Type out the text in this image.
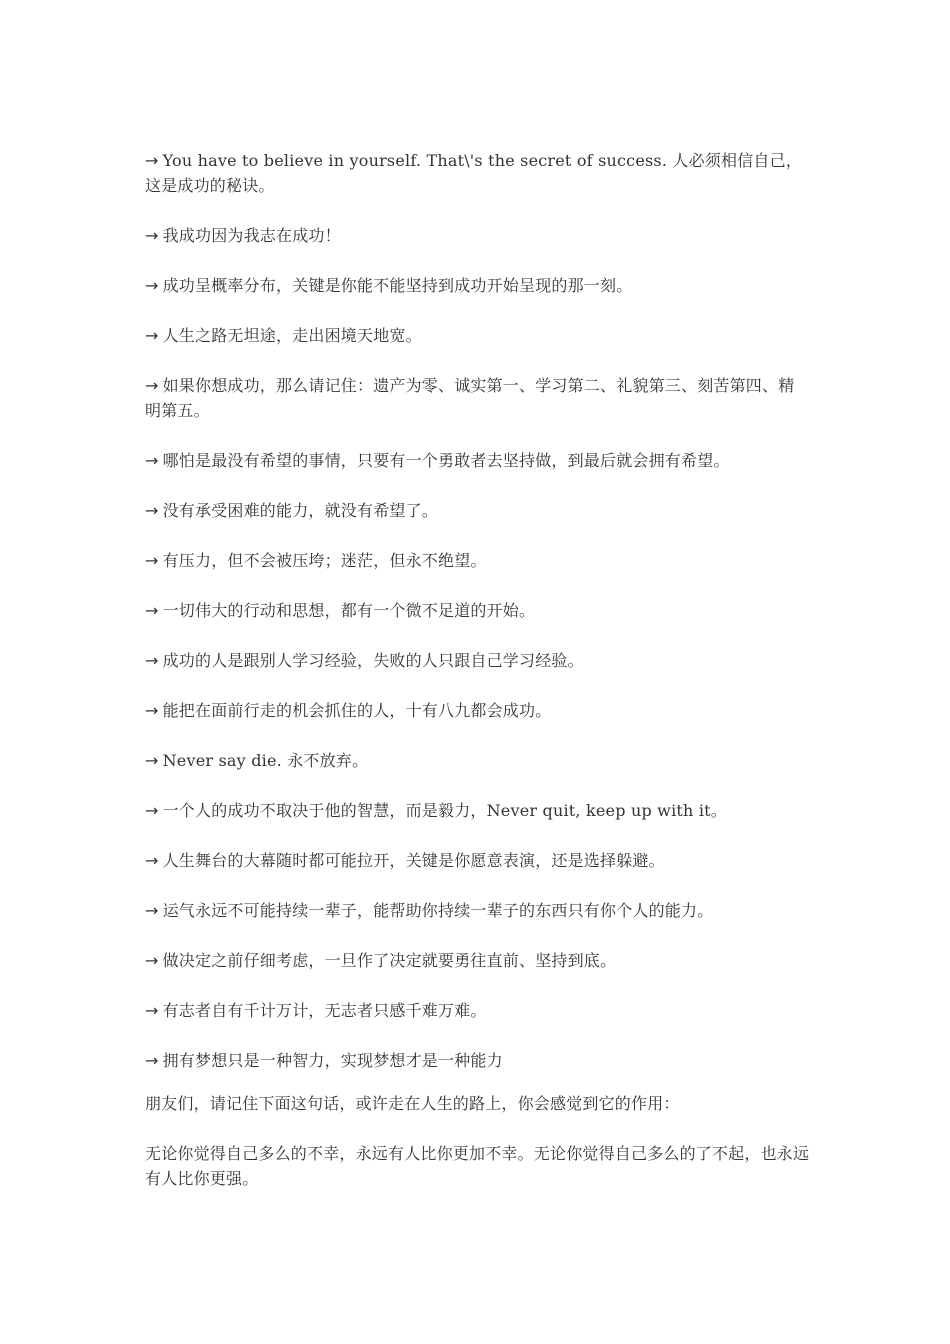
→ You have to believe in yourself. That\'s the secret of success. 人必须相信自己，这是成功的秘诀。

→ 我成功因为我志在成功！

→ 成功呈概率分布，关键是你能不能坚持到成功开始呈现的那一刻。

→ 人生之路无坦途，走出困境天地宽。

→ 如果你想成功，那么请记住：遗产为零、诚实第一、学习第二、礼貌第三、刻苦第四、精明第五。

→ 哪怕是最没有希望的事情，只要有一个勇敢者去坚持做，到最后就会拥有希望。

→ 没有承受困难的能力，就没有希望了。

→ 有压力，但不会被压垮；迷茫，但永不绝望。

→ 一切伟大的行动和思想，都有一个微不足道的开始。

→ 成功的人是跟别人学习经验，失败的人只跟自己学习经验。

→ 能把在面前行走的机会抓住的人，十有八九都会成功。

→ Never say die. 永不放弃。

→ 一个人的成功不取决于他的智慧，而是毅力，Never quit, keep up with it。

→ 人生舞台的大幕随时都可能拉开，关键是你愿意表演，还是选择躲避。

→ 运气永远不可能持续一辈子，能帮助你持续一辈子的东西只有你个人的能力。

→ 做决定之前仔细考虑，一旦作了决定就要勇往直前、坚持到底。

→ 有志者自有千计万计，无志者只感千难万难。

→ 拥有梦想只是一种智力，实现梦想才是一种能力

朋友们，请记住下面这句话，或许走在人生的路上，你会感觉到它的作用：

无论你觉得自己多么的不幸，永远有人比你更加不幸。无论你觉得自己多么的了不起，也永远有人比你更强。
